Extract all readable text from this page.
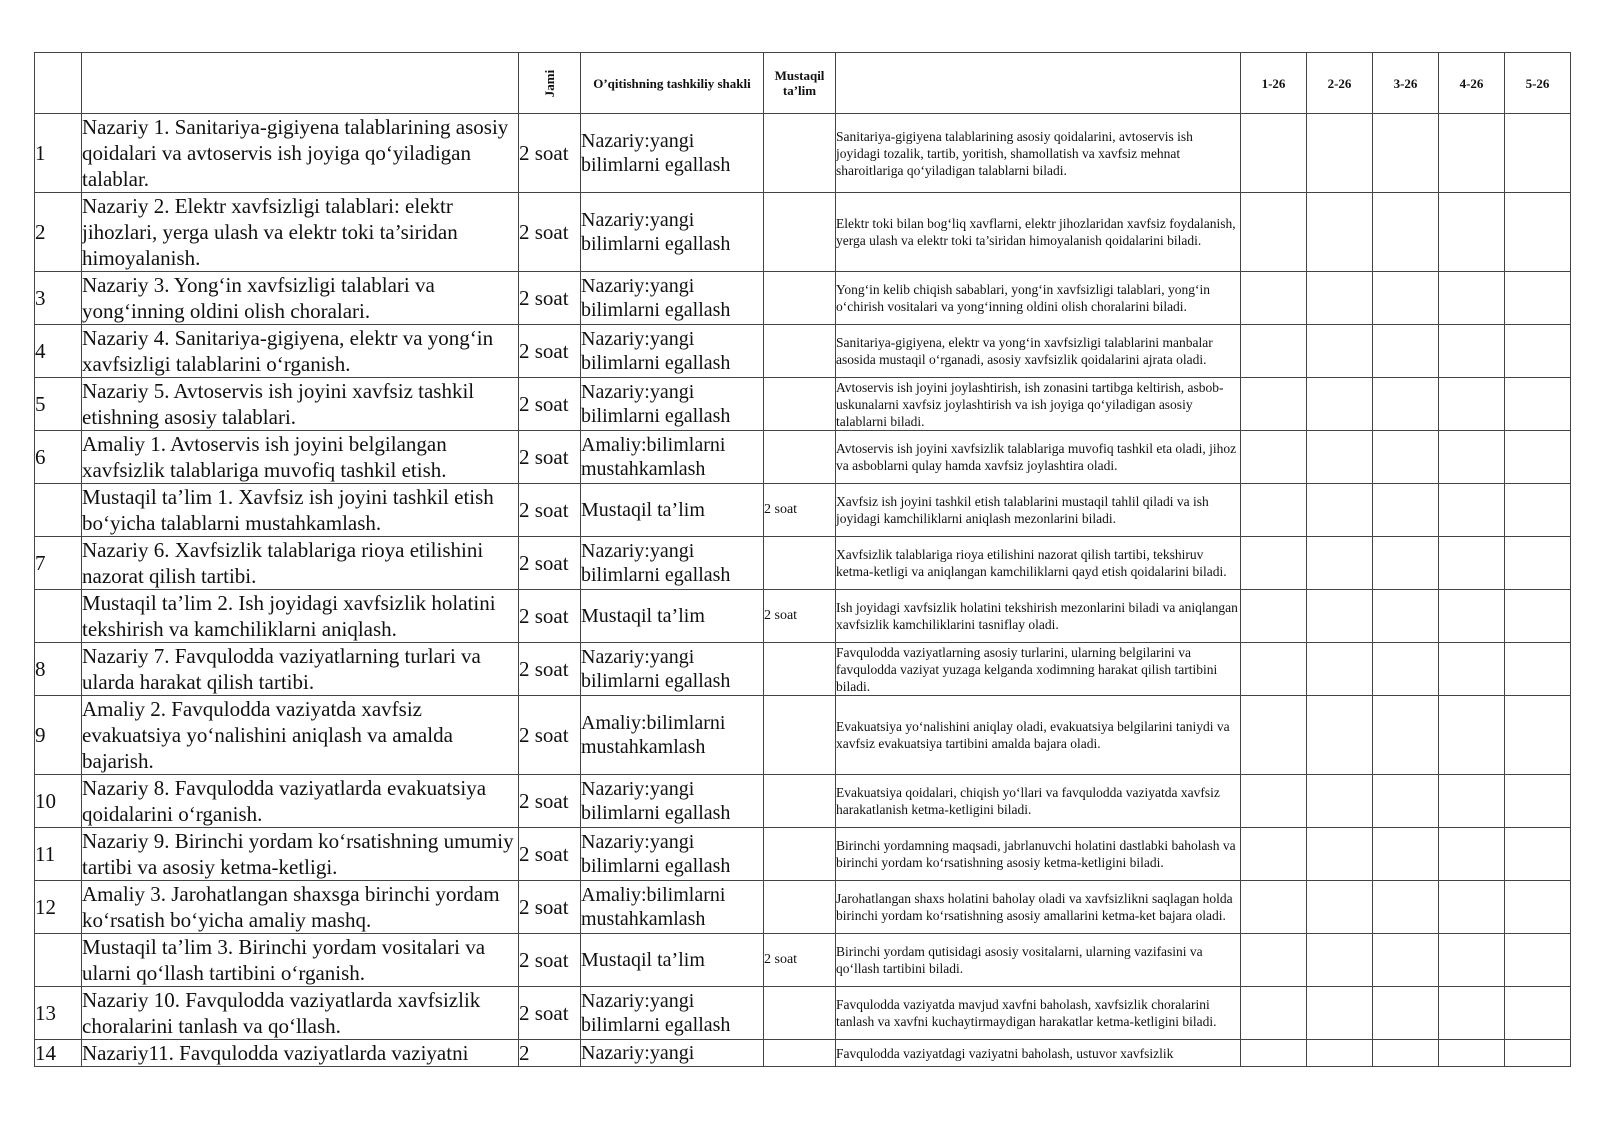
		Jami	O’qitishning tashkiliy shakli	Mustaqil ta’lim		1-26	2-26	3-26	4-26	5-26
1	Nazariy 1. Sanitariya-gigiyena talablarining asosiy qoidalari va avtoservis ish joyiga qo‘yiladigan talablar.	2 soat	Nazariy:yangi bilimlarni egallash		Sanitariya-gigiyena talablarining asosiy qoidalarini, avtoservis ish joyidagi tozalik, tartib, yoritish, shamollatish va xavfsiz mehnat sharoitlariga qo‘yiladigan talablarni biladi.					
2	Nazariy 2. Elektr xavfsizligi talablari: elektr jihozlari, yerga ulash va elektr toki ta’siridan himoyalanish.	2 soat	Nazariy:yangi bilimlarni egallash		Elektr toki bilan bog‘liq xavflarni, elektr jihozlaridan xavfsiz foydalanish, yerga ulash va elektr toki ta’siridan himoyalanish qoidalarini biladi.					
3	Nazariy 3. Yong‘in xavfsizligi talablari va yong‘inning oldini olish choralari.	2 soat	Nazariy:yangi bilimlarni egallash		Yong‘in kelib chiqish sabablari, yong‘in xavfsizligi talablari, yong‘in o‘chirish vositalari va yong‘inning oldini olish choralarini biladi.					
4	Nazariy 4. Sanitariya-gigiyena, elektr va yong‘in xavfsizligi talablarini o‘rganish.	2 soat	Nazariy:yangi bilimlarni egallash		Sanitariya-gigiyena, elektr va yong‘in xavfsizligi talablarini manbalar asosida mustaqil o‘rganadi, asosiy xavfsizlik qoidalarini ajrata oladi.					
5	Nazariy 5. Avtoservis ish joyini xavfsiz tashkil etishning asosiy talablari.	2 soat	Nazariy:yangi bilimlarni egallash		Avtoservis ish joyini joylashtirish, ish zonasini tartibga keltirish, asbob-uskunalarni xavfsiz joylashtirish va ish joyiga qo‘yiladigan asosiy talablarni biladi.					
6	Amaliy 1. Avtoservis ish joyini belgilangan xavfsizlik talablariga muvofiq tashkil etish.	2 soat	Amaliy:bilimlarni mustahkamlash		Avtoservis ish joyini xavfsizlik talablariga muvofiq tashkil eta oladi, jihoz va asboblarni qulay hamda xavfsiz joylashtira oladi.					
	Mustaqil ta’lim 1. Xavfsiz ish joyini tashkil etish bo‘yicha talablarni mustahkamlash.	2 soat	Mustaqil ta’lim	2 soat	Xavfsiz ish joyini tashkil etish talablarini mustaqil tahlil qiladi va ish joyidagi kamchiliklarni aniqlash mezonlarini biladi.					
7	Nazariy 6. Xavfsizlik talablariga rioya etilishini nazorat qilish tartibi.	2 soat	Nazariy:yangi bilimlarni egallash		Xavfsizlik talablariga rioya etilishini nazorat qilish tartibi, tekshiruv ketma-ketligi va aniqlangan kamchiliklarni qayd etish qoidalarini biladi.					
	Mustaqil ta’lim 2. Ish joyidagi xavfsizlik holatini tekshirish va kamchiliklarni aniqlash.	2 soat	Mustaqil ta’lim	2 soat	Ish joyidagi xavfsizlik holatini tekshirish mezonlarini biladi va aniqlangan xavfsizlik kamchiliklarini tasniflay oladi.					
8	Nazariy 7. Favqulodda vaziyatlarning turlari va ularda harakat qilish tartibi.	2 soat	Nazariy:yangi bilimlarni egallash		Favqulodda vaziyatlarning asosiy turlarini, ularning belgilarini va favqulodda vaziyat yuzaga kelganda xodimning harakat qilish tartibini biladi.					
9	Amaliy 2. Favqulodda vaziyatda xavfsiz evakuatsiya yo‘nalishini aniqlash va amalda bajarish.	2 soat	Amaliy:bilimlarni mustahkamlash		Evakuatsiya yo‘nalishini aniqlay oladi, evakuatsiya belgilarini taniydi va xavfsiz evakuatsiya tartibini amalda bajara oladi.					
10	Nazariy 8. Favqulodda vaziyatlarda evakuatsiya qoidalarini o‘rganish.	2 soat	Nazariy:yangi bilimlarni egallash		Evakuatsiya qoidalari, chiqish yo‘llari va favqulodda vaziyatda xavfsiz harakatlanish ketma-ketligini biladi.					
11	Nazariy 9. Birinchi yordam ko‘rsatishning umumiy tartibi va asosiy ketma-ketligi.	2 soat	Nazariy:yangi bilimlarni egallash		Birinchi yordamning maqsadi, jabrlanuvchi holatini dastlabki baholash va birinchi yordam ko‘rsatishning asosiy ketma-ketligini biladi.					
12	Amaliy 3. Jarohatlangan shaxsga birinchi yordam ko‘rsatish bo‘yicha amaliy mashq.	2 soat	Amaliy:bilimlarni mustahkamlash		Jarohatlangan shaxs holatini baholay oladi va xavfsizlikni saqlagan holda birinchi yordam ko‘rsatishning asosiy amallarini ketma-ket bajara oladi.					
	Mustaqil ta’lim 3. Birinchi yordam vositalari va ularni qo‘llash tartibini o‘rganish.	2 soat	Mustaqil ta’lim	2 soat	Birinchi yordam qutisidagi asosiy vositalarni, ularning vazifasini va qo‘llash tartibini biladi.					
13	Nazariy 10. Favqulodda vaziyatlarda xavfsizlik choralarini tanlash va qo‘llash.	2 soat	Nazariy:yangi bilimlarni egallash		Favqulodda vaziyatda mavjud xavfni baholash, xavfsizlik choralarini tanlash va xavfni kuchaytirmaydigan harakatlar ketma-ketligini biladi.					
14	Nazariy11. Favqulodda vaziyatlarda vaziyatni	2	Nazariy:yangi		Favqulodda vaziyatdagi vaziyatni baholash, ustuvor xavfsizlik					
